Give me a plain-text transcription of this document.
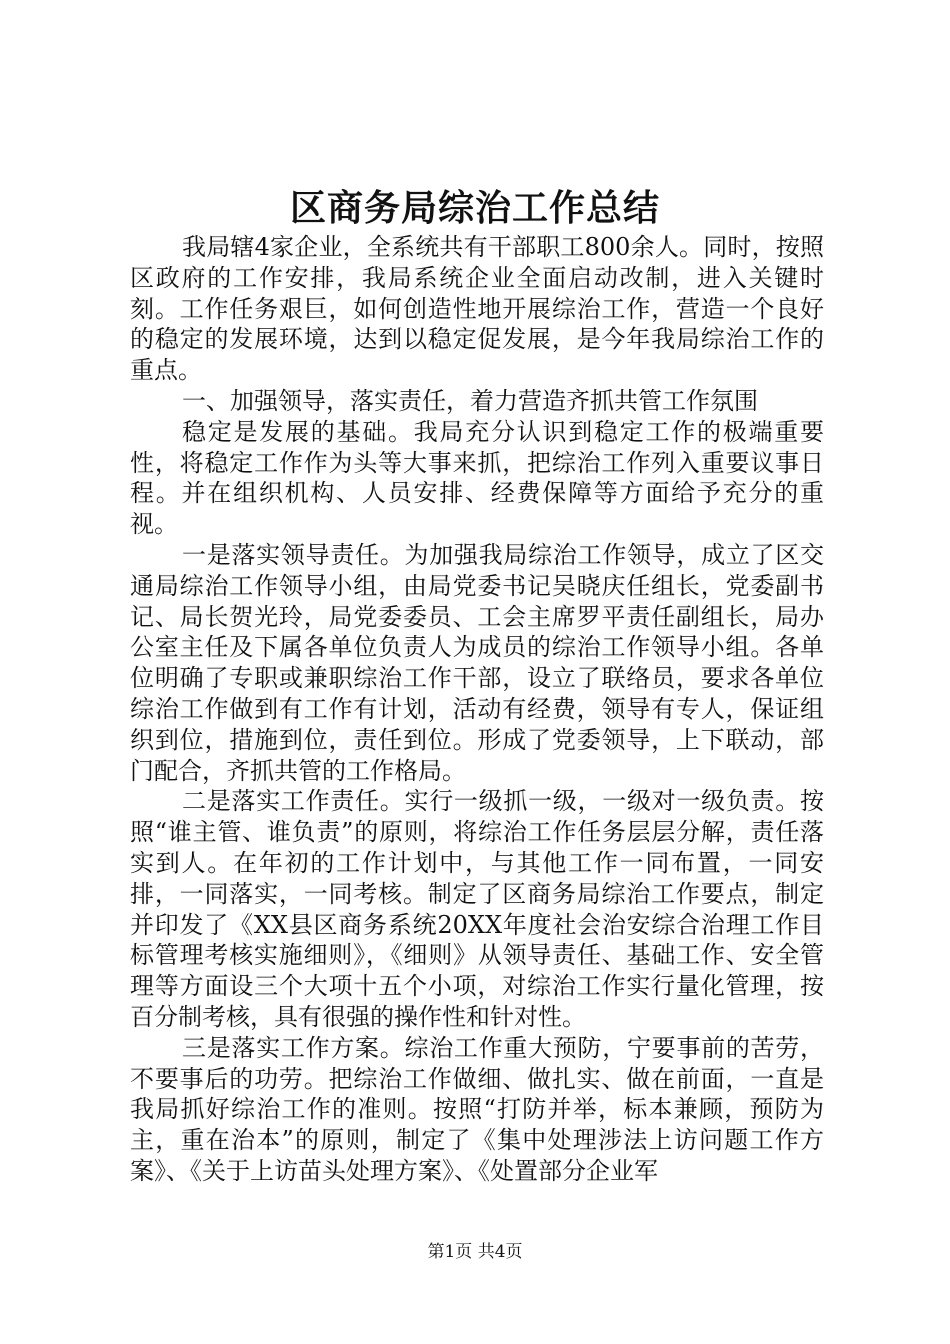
区商务局综治工作总结

我局辖4家企业，全系统共有干部职工800余人。同时，按照区政府的工作安排，我局系统企业全面启动改制，进入关键时刻。工作任务艰巨，如何创造性地开展综治工作，营造一个良好的稳定的发展环境，达到以稳定促发展，是今年我局综治工作的重点。

一、加强领导，落实责任，着力营造齐抓共管工作氛围

稳定是发展的基础。我局充分认识到稳定工作的极端重要性，将稳定工作作为头等大事来抓，把综治工作列入重要议事日程。并在组织机构、人员安排、经费保障等方面给予充分的重视。

一是落实领导责任。为加强我局综治工作领导，成立了区交通局综治工作领导小组，由局党委书记吴晓庆任组长，党委副书记、局长贺光玲，局党委委员、工会主席罗平责任副组长，局办公室主任及下属各单位负责人为成员的综治工作领导小组。各单位明确了专职或兼职综治工作干部，设立了联络员，要求各单位综治工作做到有工作有计划，活动有经费，领导有专人，保证组织到位，措施到位，责任到位。形成了党委领导，上下联动，部门配合，齐抓共管的工作格局。

二是落实工作责任。实行一级抓一级，一级对一级负责。按照“谁主管、谁负责”的原则，将综治工作任务层层分解，责任落实到人。在年初的工作计划中，与其他工作一同布置，一同安排，一同落实，一同考核。制定了区商务局综治工作要点，制定并印发了《XX县区商务系统20XX年度社会治安综合治理工作目标管理考核实施细则》，《细则》从领导责任、基础工作、安全管理等方面设三个大项十五个小项，对综治工作实行量化管理，按百分制考核，具有很强的操作性和针对性。

三是落实工作方案。综治工作重大预防，宁要事前的苦劳，不要事后的功劳。把综治工作做细、做扎实、做在前面，一直是我局抓好综治工作的准则。按照“打防并举，标本兼顾，预防为主，重在治本”的原则，制定了《集中处理涉法上访问题工作方案》、《关于上访苗头处理方案》、《处置部分企业军

第1页 共4页
